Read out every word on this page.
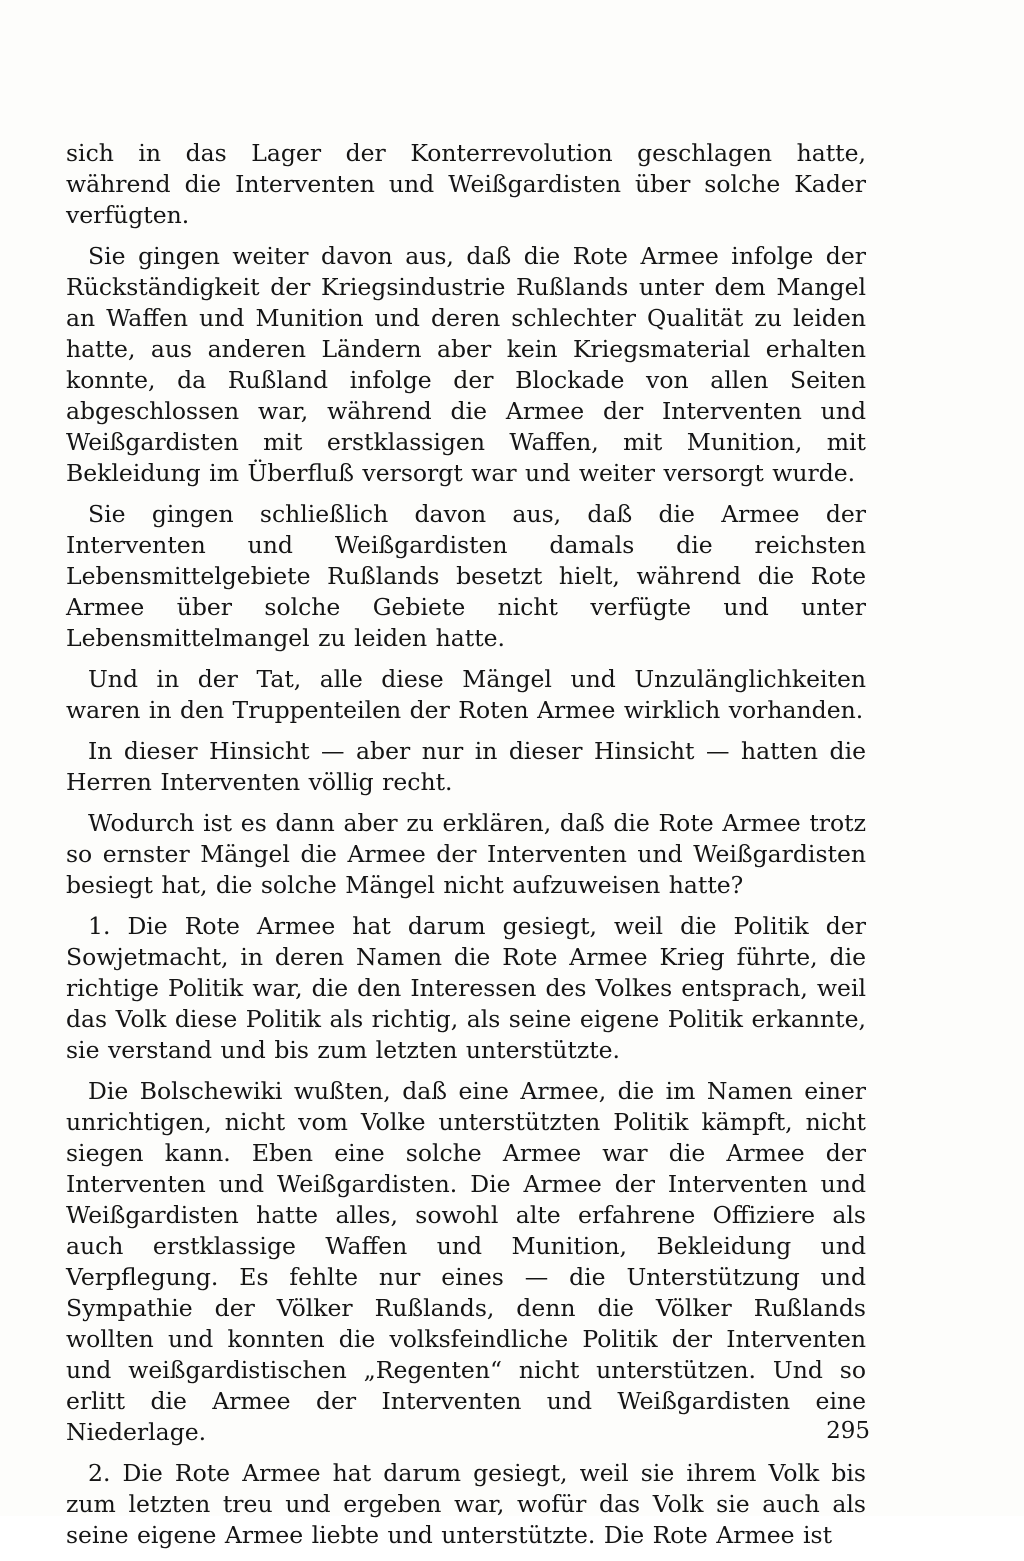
sich in das Lager der Konterrevolution geschlagen hatte, während die Interventen und Weißgardisten über solche Kader verfügten.

Sie gingen weiter davon aus, daß die Rote Armee infolge der Rückständigkeit der Kriegsindustrie Rußlands unter dem Mangel an Waffen und Munition und deren schlechter Qualität zu leiden hatte, aus anderen Ländern aber kein Kriegsmaterial erhalten konnte, da Rußland infolge der Blockade von allen Seiten abgeschlossen war, während die Armee der Interventen und Weißgardisten mit erstklassigen Waffen, mit Munition, mit Bekleidung im Überfluß versorgt war und weiter versorgt wurde.

Sie gingen schließlich davon aus, daß die Armee der Interventen und Weißgardisten damals die reichsten Lebensmittelgebiete Rußlands besetzt hielt, während die Rote Armee über solche Gebiete nicht verfügte und unter Lebensmittelmangel zu leiden hatte.

Und in der Tat, alle diese Mängel und Unzulänglichkeiten waren in den Truppenteilen der Roten Armee wirklich vorhanden.

In dieser Hinsicht — aber nur in dieser Hinsicht — hatten die Herren Interventen völlig recht.

Wodurch ist es dann aber zu erklären, daß die Rote Armee trotz so ernster Mängel die Armee der Interventen und Weißgardisten besiegt hat, die solche Mängel nicht aufzuweisen hatte?

1. Die Rote Armee hat darum gesiegt, weil die Politik der Sowjetmacht, in deren Namen die Rote Armee Krieg führte, die richtige Politik war, die den Interessen des Volkes entsprach, weil das Volk diese Politik als richtig, als seine eigene Politik erkannte, sie verstand und bis zum letzten unterstützte.

Die Bolschewiki wußten, daß eine Armee, die im Namen einer unrichtigen, nicht vom Volke unterstützten Politik kämpft, nicht siegen kann. Eben eine solche Armee war die Armee der Interventen und Weißgardisten. Die Armee der Interventen und Weißgardisten hatte alles, sowohl alte erfahrene Offiziere als auch erstklassige Waffen und Munition, Bekleidung und Verpflegung. Es fehlte nur eines — die Unterstützung und Sympathie der Völker Rußlands, denn die Völker Rußlands wollten und konnten die volksfeindliche Politik der Interventen und weißgardistischen „Regenten“ nicht unterstützen. Und so erlitt die Armee der Interventen und Weißgardisten eine Niederlage.

2. Die Rote Armee hat darum gesiegt, weil sie ihrem Volk bis zum letzten treu und ergeben war, wofür das Volk sie auch als seine eigene Armee liebte und unterstützte. Die Rote Armee ist

295
